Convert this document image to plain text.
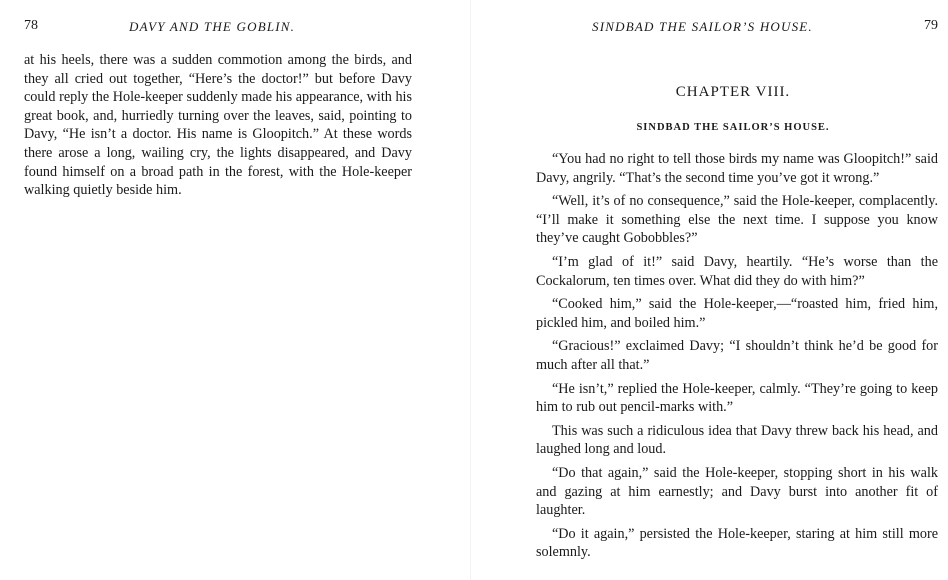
78	DAVY AND THE GOBLIN.

at his heels, there was a sudden commotion among the birds, and they all cried out together, “Here’s the doctor!” but before Davy could reply the Hole-keeper suddenly made his appearance, with his great book, and, hurriedly turning over the leaves, said, pointing to Davy, “He isn’t a doctor. His name is Gloopitch.” At these words there arose a long, wailing cry, the lights disappeared, and Davy found himself on a broad path in the forest, with the Hole-keeper walking quietly beside him.

SINDBAD THE SAILOR’S HOUSE.	79
CHAPTER VIII.
SINDBAD THE SAILOR’S HOUSE.

“You had no right to tell those birds my name was Gloopitch!” said Davy, angrily. “That’s the second time you’ve got it wrong.”

“Well, it’s of no consequence,” said the Hole-keeper, complacently. “I’ll make it something else the next time. I suppose you know they’ve caught Gobobbles?”

“I’m glad of it!” said Davy, heartily. “He’s worse than the Cockalorum, ten times over. What did they do with him?”

“Cooked him,” said the Hole-keeper,—“roasted him, fried him, pickled him, and boiled him.”

“Gracious!” exclaimed Davy; “I shouldn’t think he’d be good for much after all that.”

“He isn’t,” replied the Hole-keeper, calmly. “They’re going to keep him to rub out pencil-marks with.”

This was such a ridiculous idea that Davy threw back his head, and laughed long and loud.

“Do that again,” said the Hole-keeper, stopping short in his walk and gazing at him earnestly; and Davy burst into another fit of laughter.

“Do it again,” persisted the Hole-keeper, staring at him still more solemnly.
